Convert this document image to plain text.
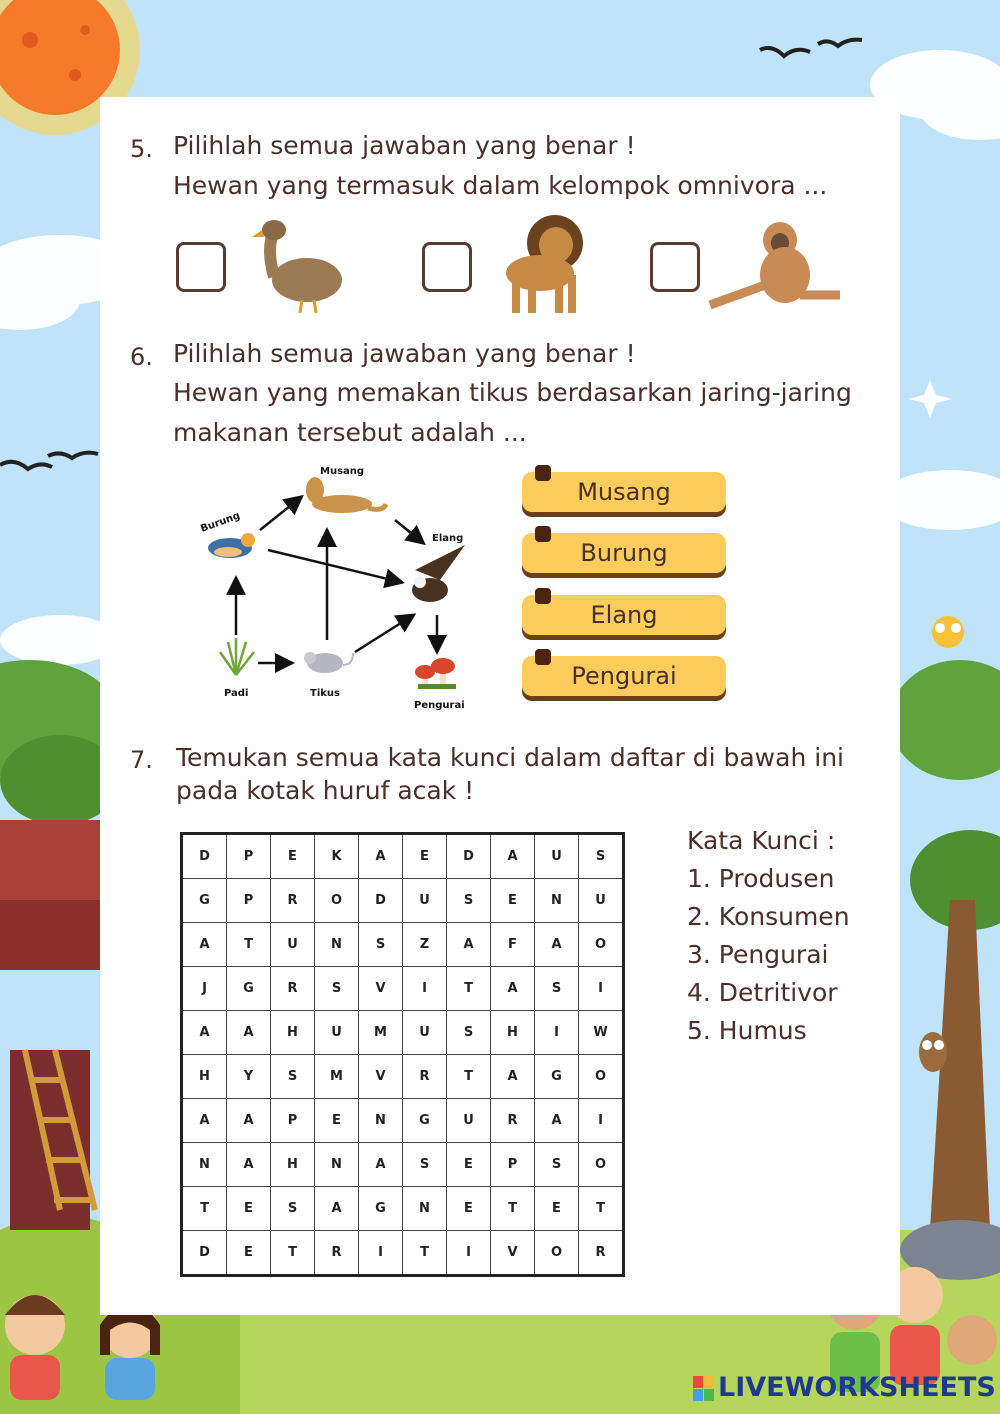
5. Pilihlah semua jawaban yang benar !
Hewan yang termasuk dalam kelompok omnivora ...
6. Pilihlah semua jawaban yang benar !
Hewan yang memakan tikus berdasarkan jaring-jaring
makanan tersebut adalah ...
Musang
Burung
Elang
Padi	Tikus
Pengurai
Musang
Burung
Elang
Pengurai
7. Temukan semua kata kunci dalam daftar di bawah ini
pada kotak huruf acak !
D	P	E	K	A	E	D	A	U	S
G	P	R	O	D	U	S	E	N	U
A	T	U	N	S	Z	A	F	A	O
J	G	R	S	V	I	T	A	S	I
A	A	H	U	M	U	S	H	I	W
H	Y	S	M	V	R	T	A	G	O
A	A	P	E	N	G	U	R	A	I
N	A	H	N	A	S	E	P	S	O
T	E	S	A	G	N	E	T	E	T
D	E	T	R	I	T	I	V	O	R
Kata Kunci :
1. Produsen
2. Konsumen
3. Pengurai
4. Detritivor
5. Humus
LIVEWORKSHEETS
